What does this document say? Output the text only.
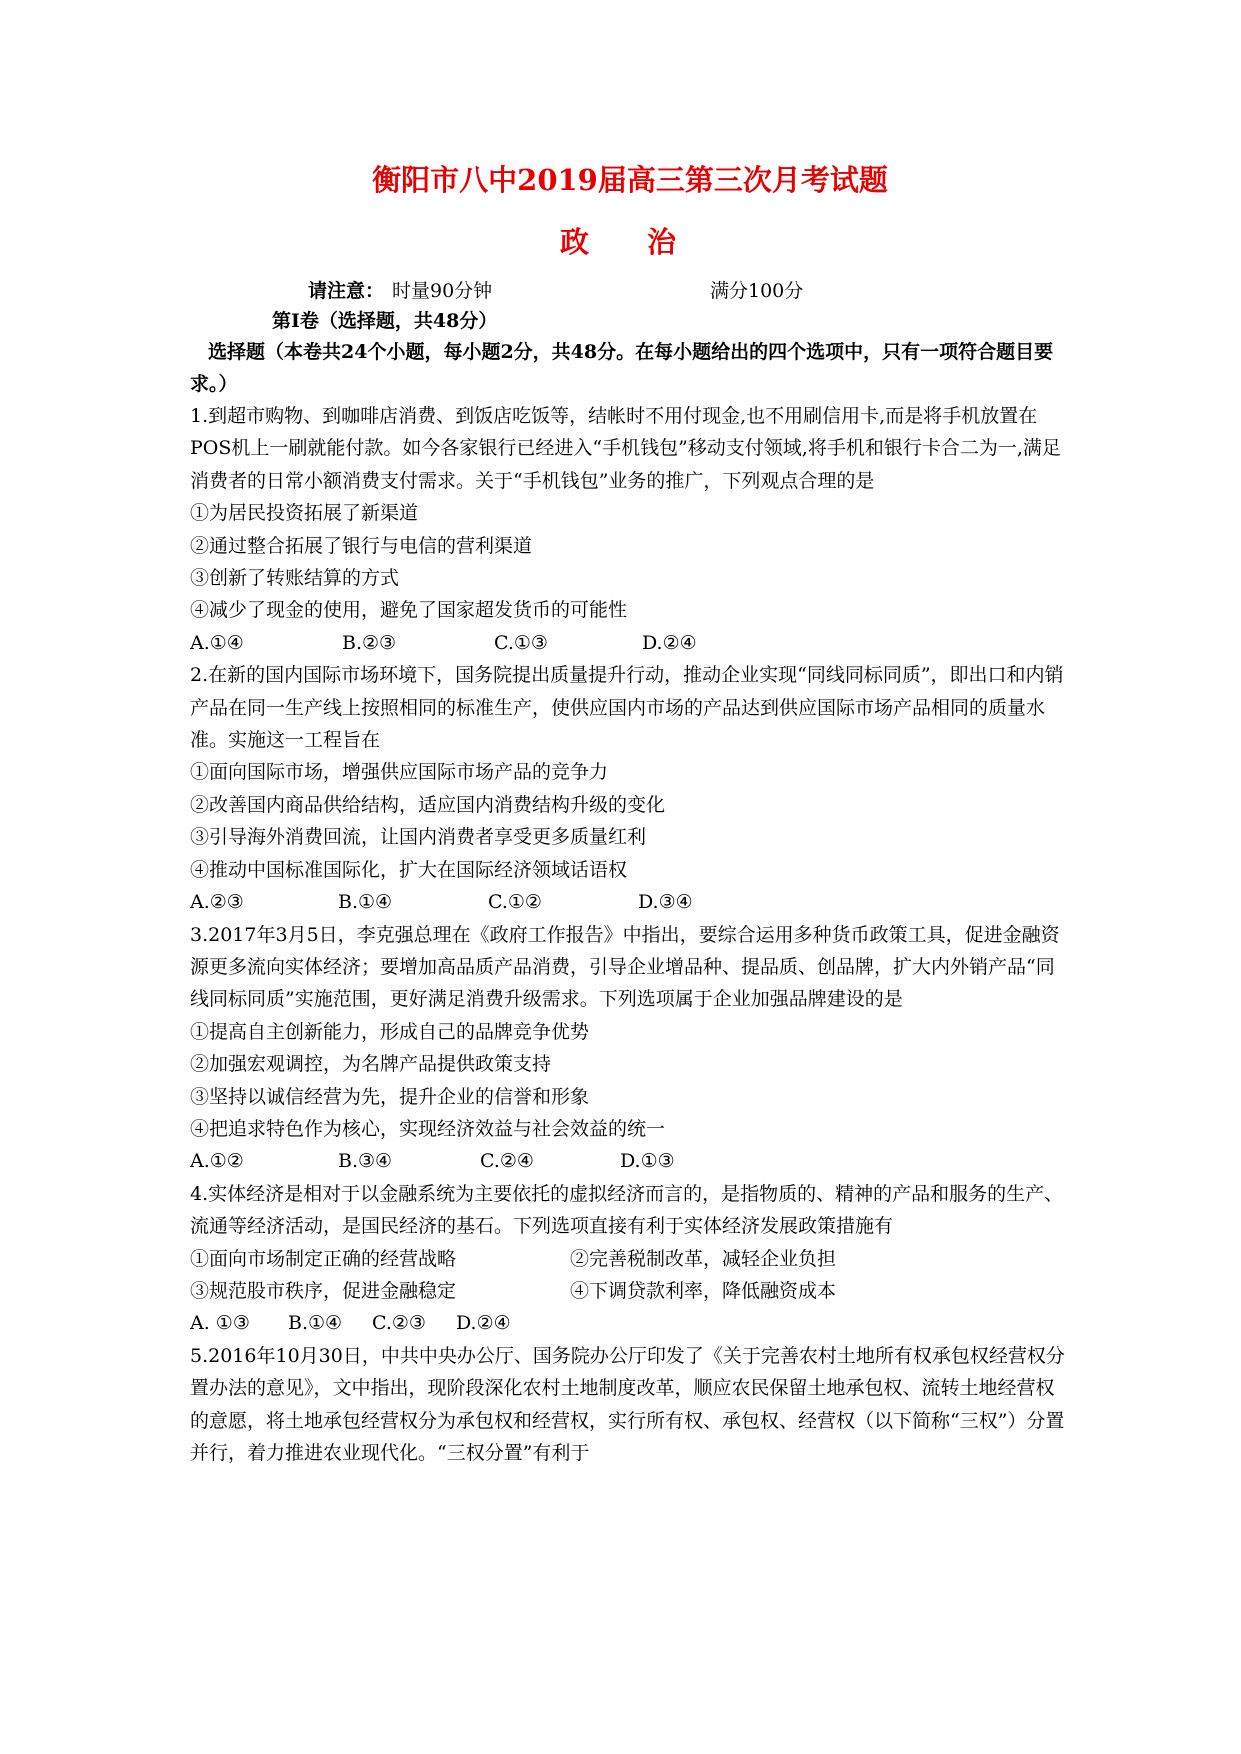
衡阳市八中2019届高三第三次月考试题
政 治
请注意： 时量90分钟	满分100分
第Ⅰ卷（选择题，共48分）
选择题（本卷共24个小题，每小题2分，共48分。在每小题给出的四个选项中，只有一项符合题目要求。）

1.到超市购物、到咖啡店消费、到饭店吃饭等，结帐时不用付现金,也不用刷信用卡,而是将手机放置在POS机上一刷就能付款。如今各家银行已经进入“手机钱包”移动支付领域,将手机和银行卡合二为一,满足消费者的日常小额消费支付需求。关于“手机钱包”业务的推广，下列观点合理的是

①为居民投资拓展了新渠道

②通过整合拓展了银行与电信的营利渠道

③创新了转账结算的方式

④减少了现金的使用，避免了国家超发货币的可能性

A.①④	B.②③	C.①③	D.②④

2.在新的国内国际市场环境下，国务院提出质量提升行动，推动企业实现“同线同标同质”，即出口和内销产品在同一生产线上按照相同的标准生产，使供应国内市场的产品达到供应国际市场产品相同的质量水准。实施这一工程旨在

①面向国际市场，增强供应国际市场产品的竞争力

②改善国内商品供给结构，适应国内消费结构升级的变化

③引导海外消费回流，让国内消费者享受更多质量红利

④推动中国标准国际化，扩大在国际经济领域话语权

A.②③	B.①④	C.①②	D.③④

3.2017年3月5日，李克强总理在《政府工作报告》中指出，要综合运用多种货币政策工具，促进金融资源更多流向实体经济；要增加高品质产品消费，引导企业增品种、提品质、创品牌，扩大内外销产品“同线同标同质”实施范围，更好满足消费升级需求。下列选项属于企业加强品牌建设的是

①提高自主创新能力，形成自己的品牌竞争优势

②加强宏观调控，为名牌产品提供政策支持

③坚持以诚信经营为先，提升企业的信誉和形象

④把追求特色作为核心，实现经济效益与社会效益的统一

A.①②	B.③④	C.②④	D.①③

4.实体经济是相对于以金融系统为主要依托的虚拟经济而言的，是指物质的、精神的产品和服务的生产、流通等经济活动，是国民经济的基石。下列选项直接有利于实体经济发展政策措施有

①面向市场制定正确的经营战略	②完善税制改革，减轻企业负担

③规范股市秩序，促进金融稳定	④下调贷款利率，降低融资成本

A. ①③ B.①④ C.②③ D.②④

5.2016年10月30日，中共中央办公厅、国务院办公厅印发了《关于完善农村土地所有权承包权经营权分置办法的意见》，文中指出，现阶段深化农村土地制度改革，顺应农民保留土地承包权、流转土地经营权的意愿，将土地承包经营权分为承包权和经营权，实行所有权、承包权、经营权（以下简称“三权”）分置并行，着力推进农业现代化。“三权分置”有利于
